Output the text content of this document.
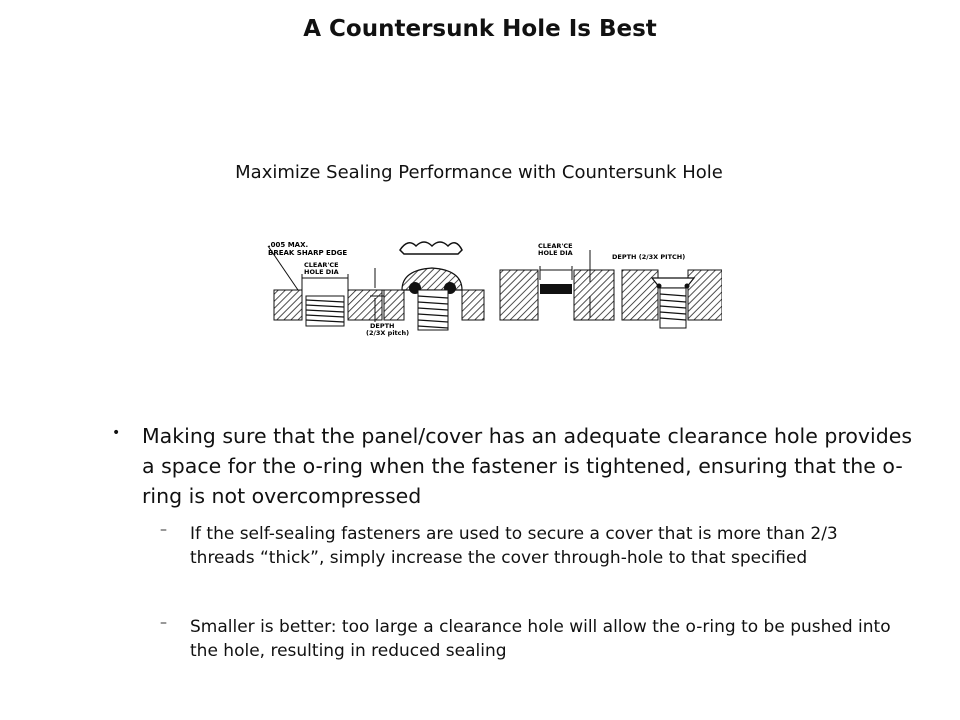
A Countersunk Hole Is Best
Maximize Sealing Performance with Countersunk Hole
.005 MAX.
BREAK SHARP EDGE
CLEAR'CE
HOLE DIA
DEPTH
(2/3X pitch)
CLEAR'CE
HOLE DIA	DEPTH (2/3X PITCH)
• Making sure that the panel/cover has an adequate clearance hole provides a space for the o-ring when the fastener is tightened, ensuring that the o-ring is not overcompressed
– If the self-sealing fasteners are used to secure a cover that is more than 2/3 threads “thick”, simply increase the cover through-hole to that specified
– Smaller is better: too large a clearance hole will allow the o-ring to be pushed into the hole, resulting in reduced sealing
